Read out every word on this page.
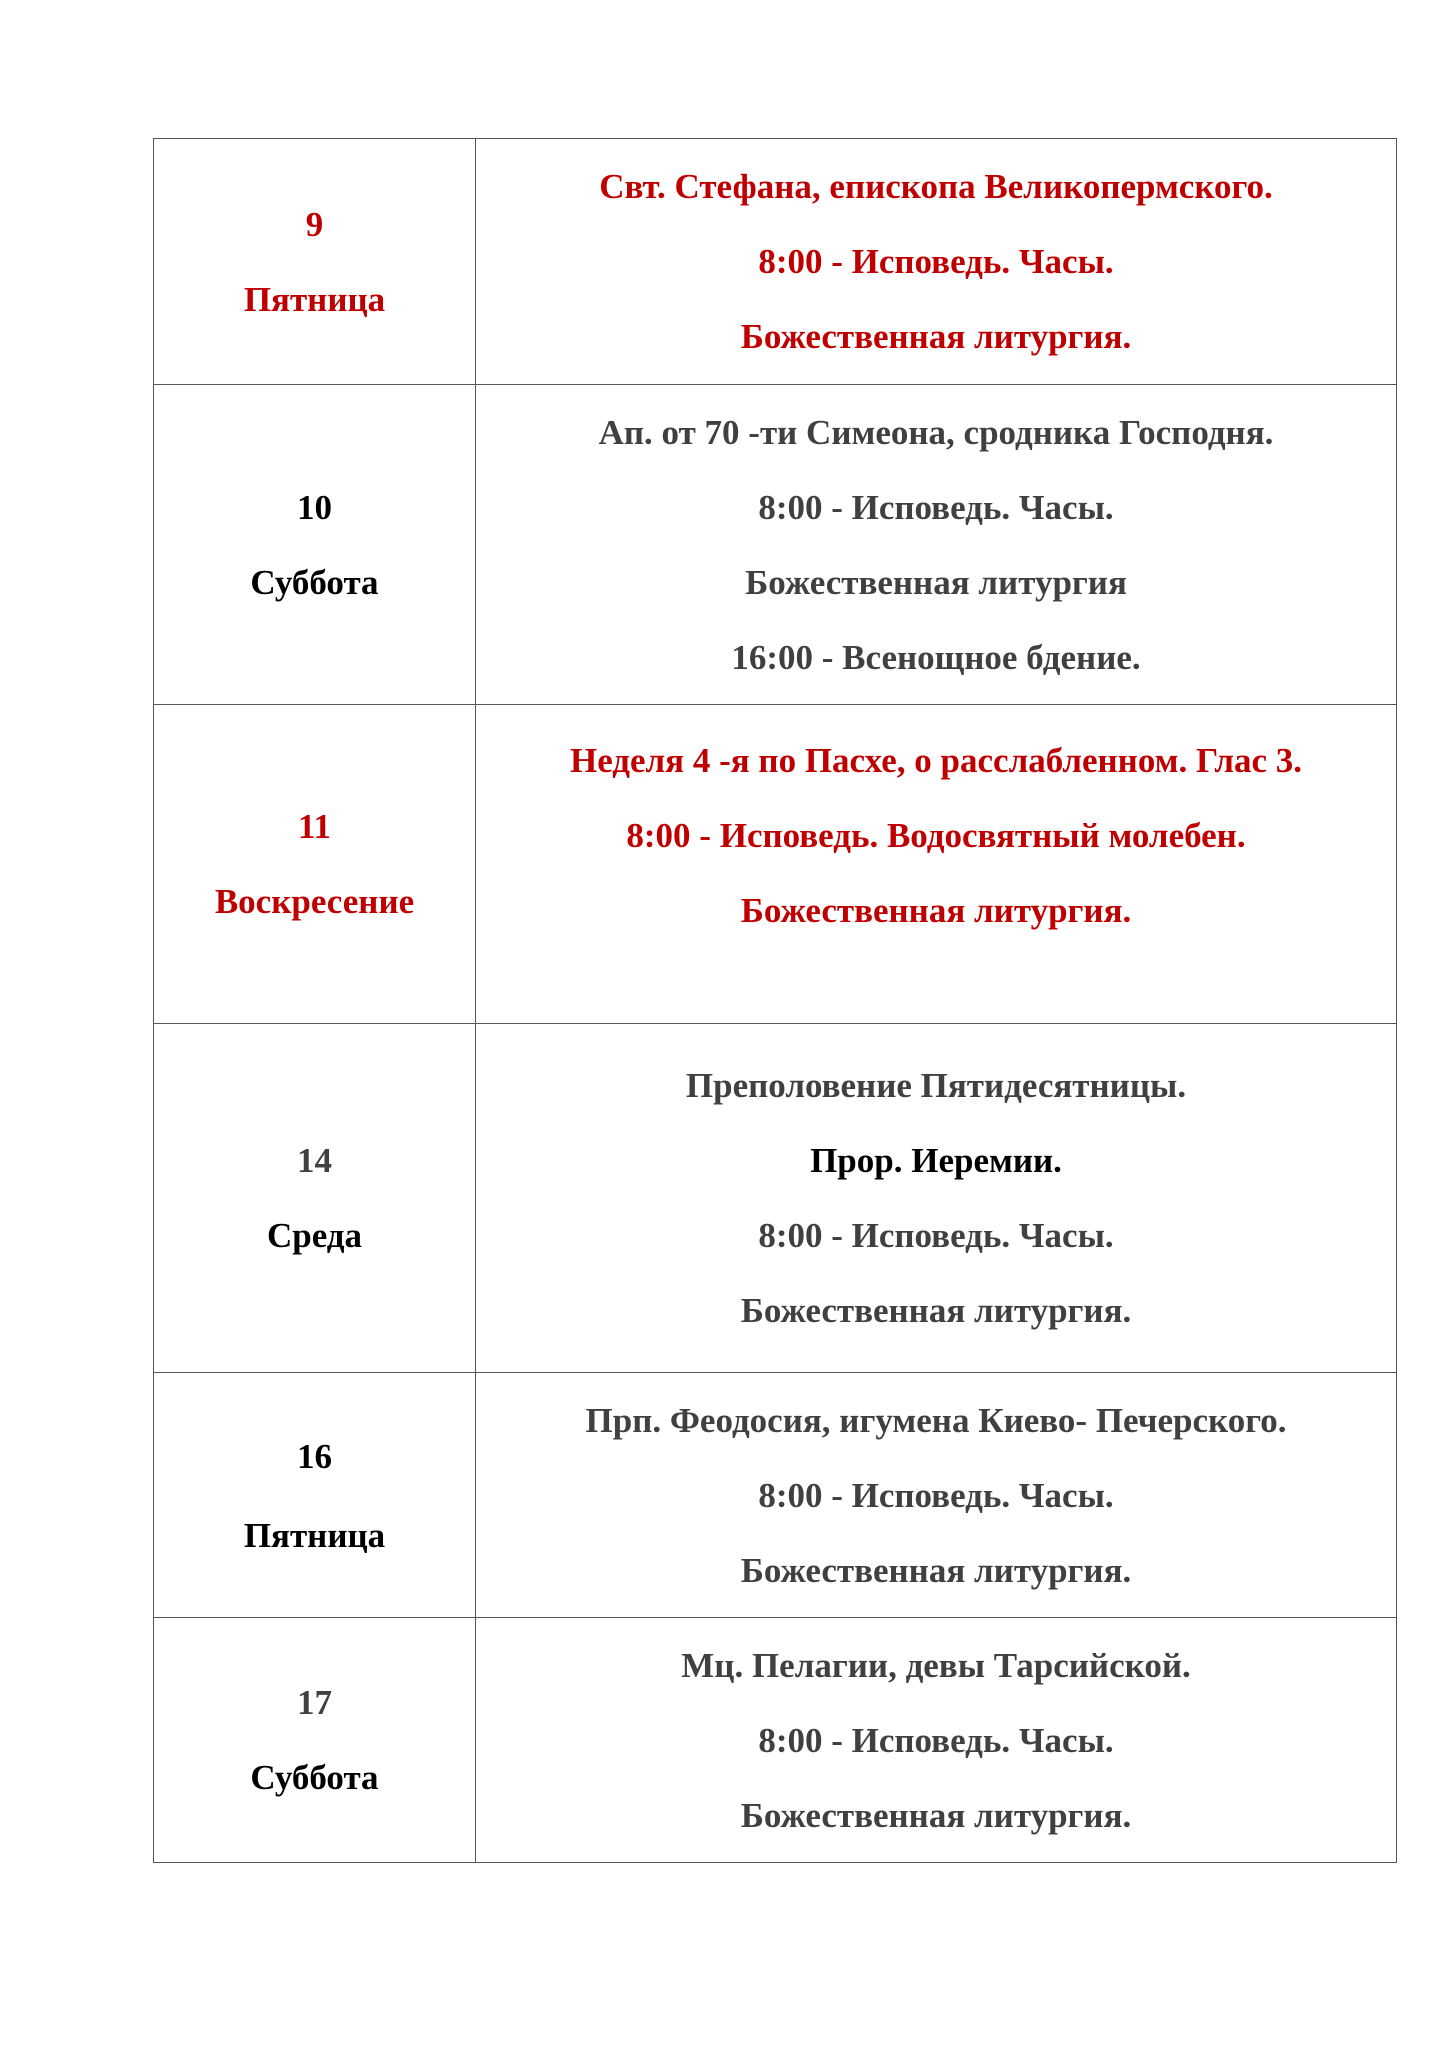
9
Пятница	Свт. Стефана, епископа Великопермского.
8:00 - Исповедь. Часы.
Божественная литургия.

10
Суббота	Ап. от 70 -ти Симеона, сродника Господня.
8:00 - Исповедь. Часы.
Божественная литургия
16:00 - Всенощное бдение.

11
Воскресение	Неделя 4 -я по Пасхе, о расслабленном. Глас 3.
8:00 - Исповедь. Водосвятный молебен.
Божественная литургия.

14
Среда	Преполовение Пятидесятницы.
Прор. Иеремии.
8:00 - Исповедь. Часы.
Божественная литургия.

16
Пятница	Прп. Феодосия, игумена Киево- Печерского.
8:00 - Исповедь. Часы.
Божественная литургия.

17
Суббота	Мц. Пелагии, девы Тарсийской.
8:00 - Исповедь. Часы.
Божественная литургия.
